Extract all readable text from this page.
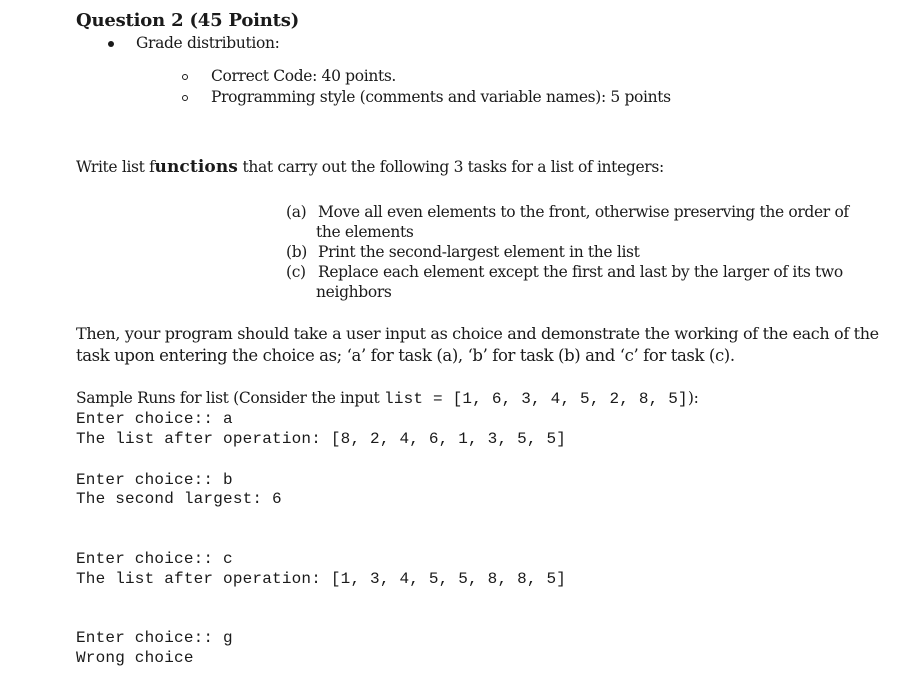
Question 2 (45 Points)
Grade distribution:
Correct Code: 40 points.
Programming style (comments and variable names): 5 points
Write list functions that carry out the following 3 tasks for a list of integers:
(a) Move all even elements to the front, otherwise preserving the order of
the elements
(b) Print the second-largest element in the list
(c) Replace each element except the first and last by the larger of its two
neighbors
Then, your program should take a user input as choice and demonstrate the working of the each of the
task upon entering the choice as; ‘a’ for task (a), ‘b’ for task (b) and ‘c’ for task (c).
Sample Runs for list (Consider the input list = [1, 6, 3, 4, 5, 2, 8, 5]):
Enter choice:: a
The list after operation: [8, 2, 4, 6, 1, 3, 5, 5]
Enter choice:: b
The second largest: 6
Enter choice:: c
The list after operation: [1, 3, 4, 5, 5, 8, 8, 5]
Enter choice:: g
Wrong choice
